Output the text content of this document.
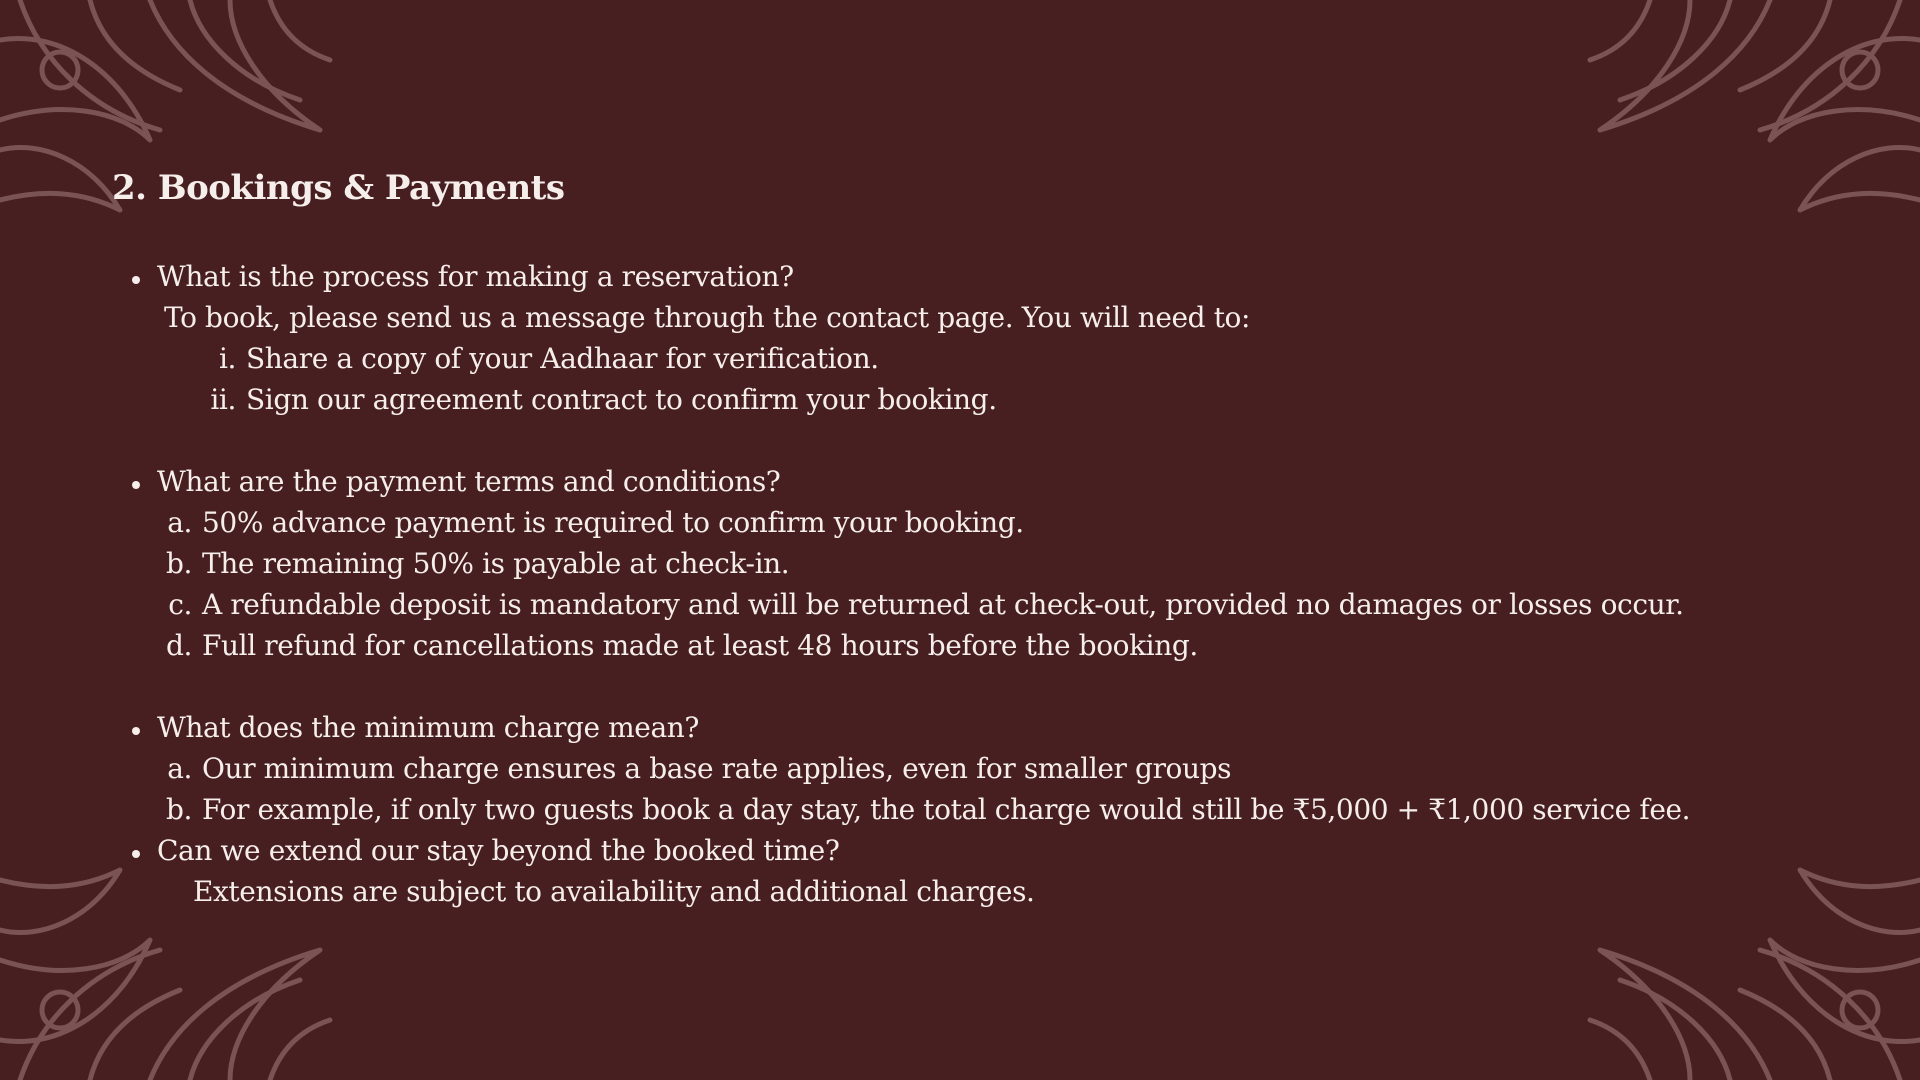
2. Bookings & Payments
What is the process for making a reservation?
To book, please send us a message through the contact page. You will need to:
i. Share a copy of your Aadhaar for verification.
ii. Sign our agreement contract to confirm your booking.
What are the payment terms and conditions?
a. 50% advance payment is required to confirm your booking.
b. The remaining 50% is payable at check-in.
c. A refundable deposit is mandatory and will be returned at check-out, provided no damages or losses occur.
d. Full refund for cancellations made at least 48 hours before the booking.
What does the minimum charge mean?
a. Our minimum charge ensures a base rate applies, even for smaller groups
b. For example, if only two guests book a day stay, the total charge would still be ₹5,000 + ₹1,000 service fee.
Can we extend our stay beyond the booked time?
Extensions are subject to availability and additional charges.
